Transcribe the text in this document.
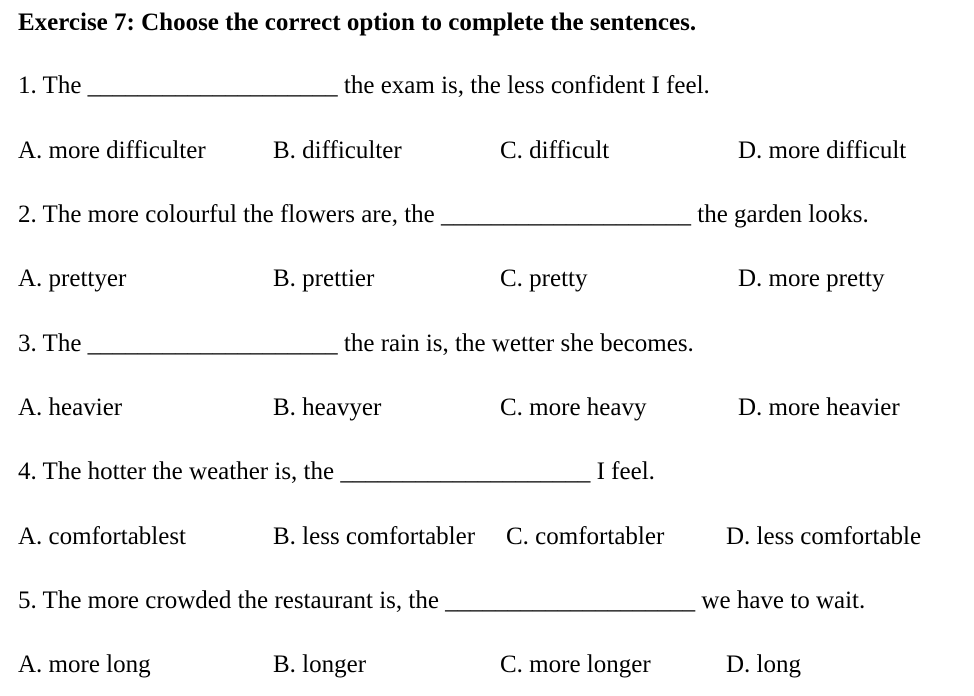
Exercise 7: Choose the correct option to complete the sentences.
1. The ____________________ the exam is, the less confident I feel.
A. more difficulter	B. difficulter	C. difficult	D. more difficult
2. The more colourful the flowers are, the ____________________ the garden looks.
A. prettyer	B. prettier	C. pretty	D. more pretty
3. The ____________________ the rain is, the wetter she becomes.
A. heavier	B. heavyer	C. more heavy	D. more heavier
4. The hotter the weather is, the ____________________ I feel.
A. comfortablest	B. less comfortabler C. comfortabler D. less comfortable
5. The more crowded the restaurant is, the ____________________ we have to wait.
A. more long	B. longer	C. more longer	D. long
